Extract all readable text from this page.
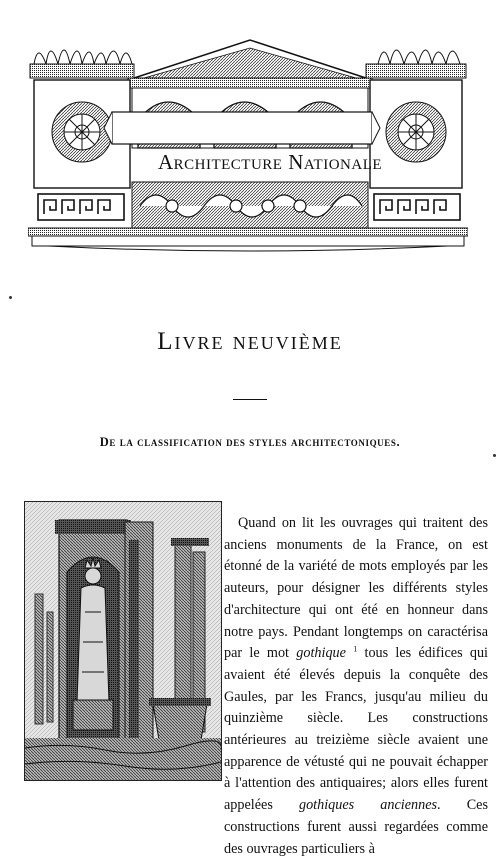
Architecture Nationale
Livre neuvième
De la classification des styles architectoniques.
Quand on lit les ouvrages qui traitent des anciens monuments de la France, on est étonné de la variété de mots employés par les auteurs, pour désigner les différents styles d'architecture qui ont été en honneur dans notre pays. Pendant longtemps on caractérisa par le mot gothique $^1$ tous les édifices qui avaient été élevés depuis la conquête des Gaules, par les Francs, jusqu'au milieu du quinzième siècle. Les constructions antérieures au treizième siècle avaient une apparence de vétusté qui ne pouvait échapper à l'attention des antiquaires; alors elles furent appelées gothiques anciennes. Ces constructions furent aussi regardées comme des ouvrages particuliers à
